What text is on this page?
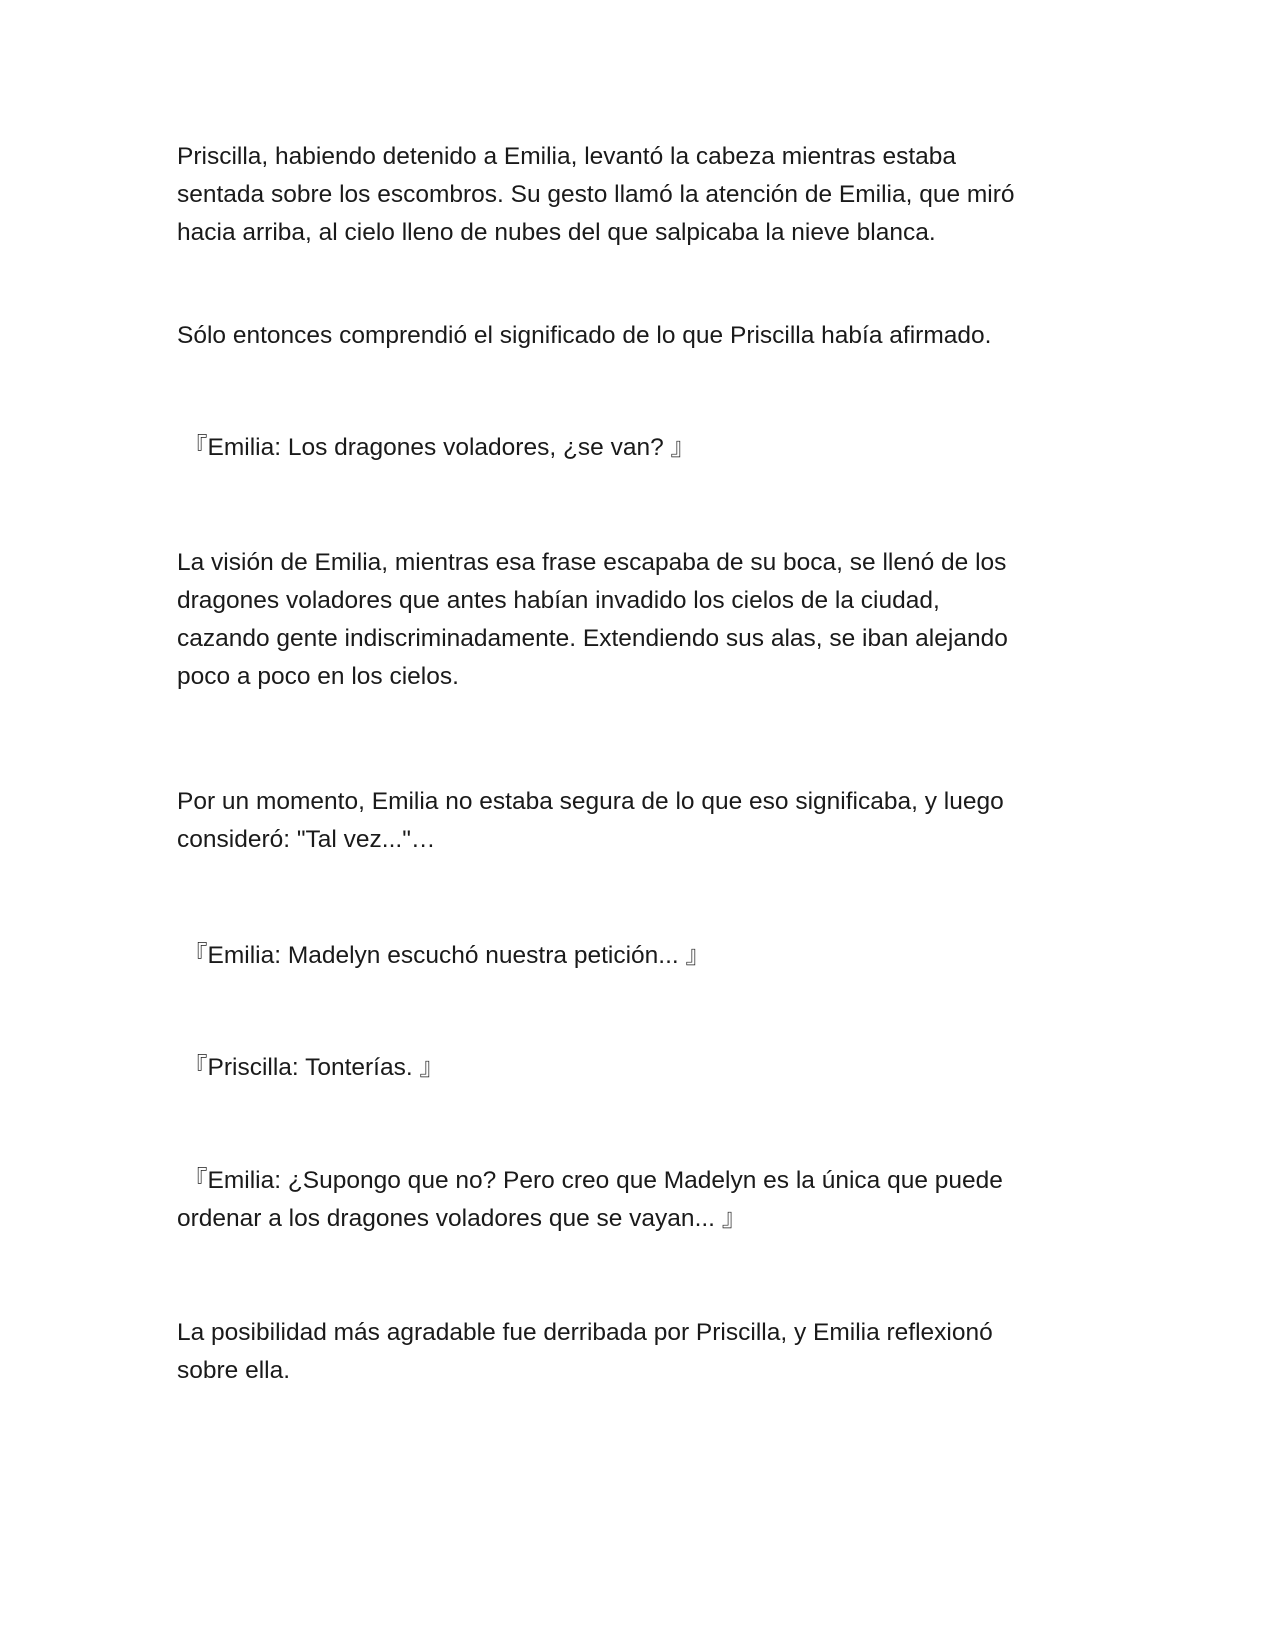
Priscilla, habiendo detenido a Emilia, levantó la cabeza mientras estaba
sentada sobre los escombros. Su gesto llamó la atención de Emilia, que miró
hacia arriba, al cielo lleno de nubes del que salpicaba la nieve blanca.
Sólo entonces comprendió el significado de lo que Priscilla había afirmado.
『Emilia: Los dragones voladores, ¿se van? 』
La visión de Emilia, mientras esa frase escapaba de su boca, se llenó de los
dragones voladores que antes habían invadido los cielos de la ciudad,
cazando gente indiscriminadamente. Extendiendo sus alas, se iban alejando
poco a poco en los cielos.
Por un momento, Emilia no estaba segura de lo que eso significaba, y luego
consideró: "Tal vez..."…
『Emilia: Madelyn escuchó nuestra petición... 』
『Priscilla: Tonterías. 』
『Emilia: ¿Supongo que no? Pero creo que Madelyn es la única que puede
ordenar a los dragones voladores que se vayan... 』
La posibilidad más agradable fue derribada por Priscilla, y Emilia reflexionó
sobre ella.
